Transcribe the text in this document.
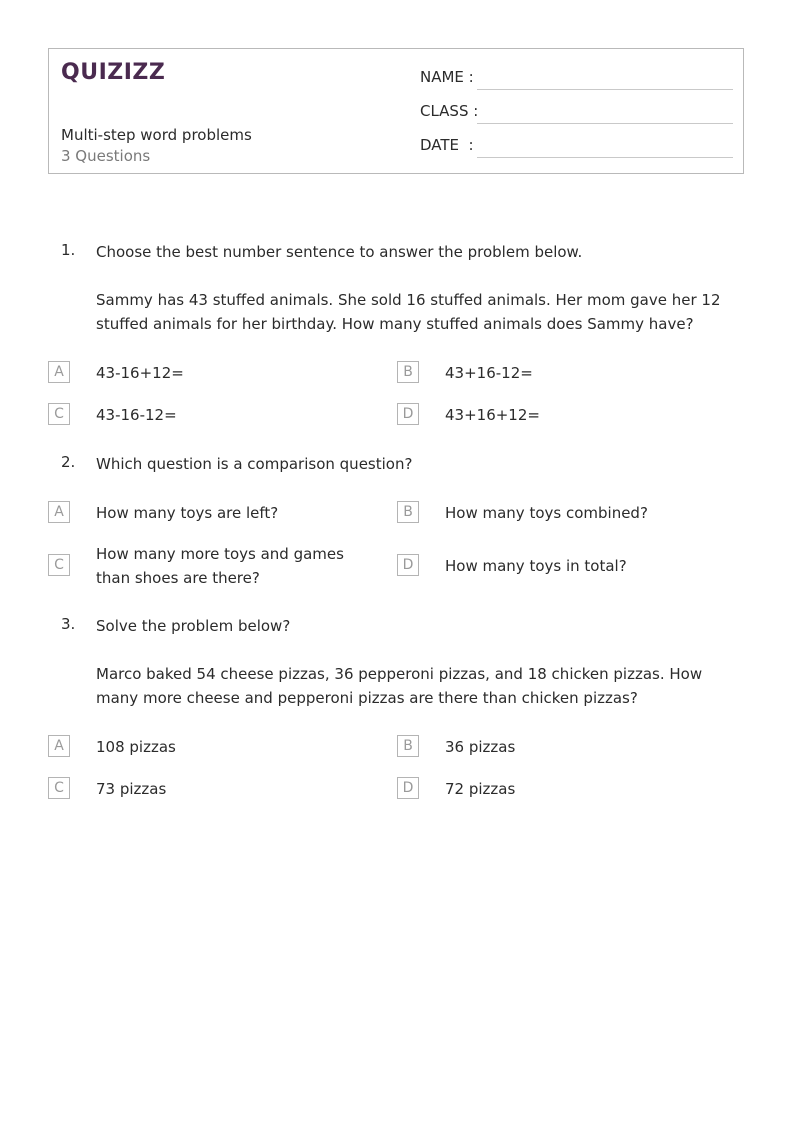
QUIZIZZ
Multi-step word problems
3 Questions
NAME :
CLASS :
DATE  :
1. Choose the best number sentence to answer the problem below.
Sammy has 43 stuffed animals. She sold 16 stuffed animals. Her mom gave her 12 stuffed animals for her birthday. How many stuffed animals does Sammy have?
A	43-16+12=	B	43+16-12=
C	43-16-12=	D	43+16+12=
2. Which question is a comparison question?
A	How many toys are left?	B	How many toys combined?
C
How many more toys and games than shoes are there?
D	How many toys in total?
3. Solve the problem below?
Marco baked 54 cheese pizzas, 36 pepperoni pizzas, and 18 chicken pizzas. How many more cheese and pepperoni pizzas are there than chicken pizzas?
A	108 pizzas	B	36 pizzas
C	73 pizzas	D	72 pizzas
